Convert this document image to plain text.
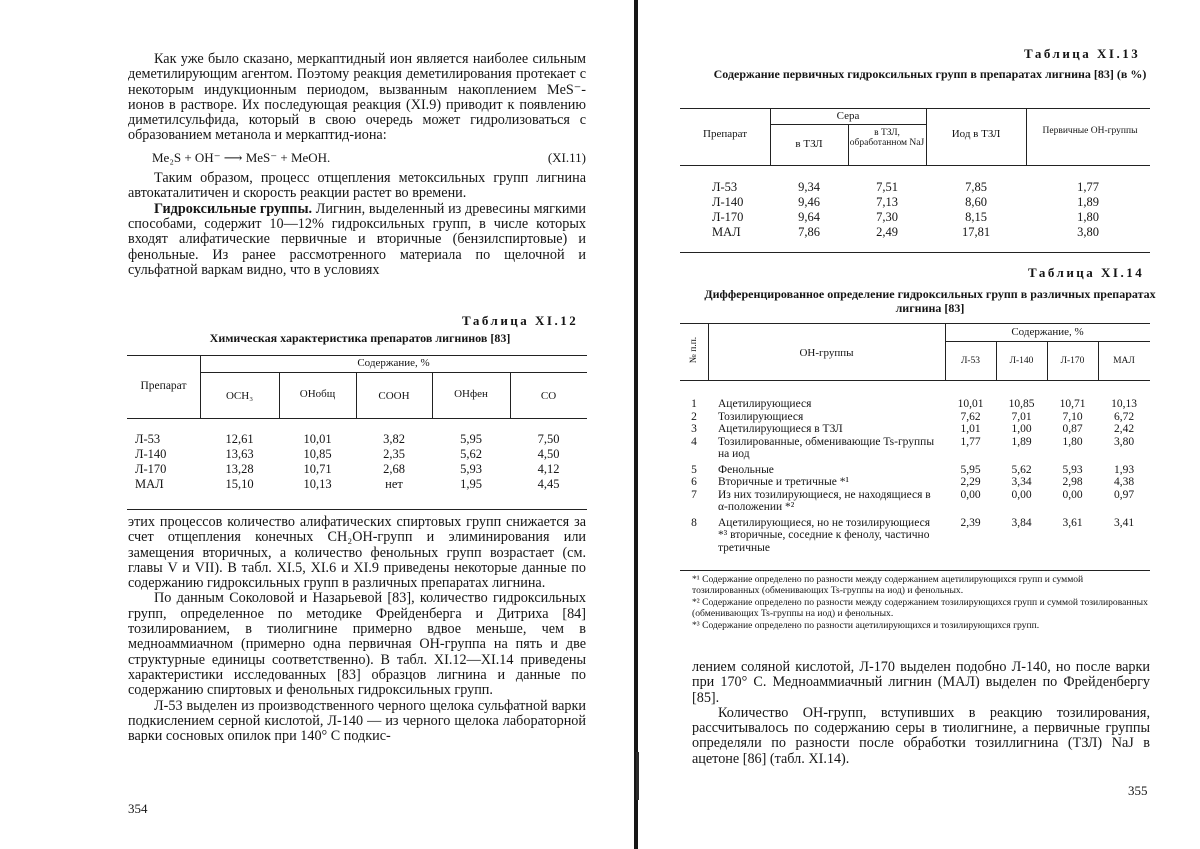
Как уже было сказано, меркаптидный ион является наиболее сильным деметилирующим агентом. Поэтому реакция деметилирования протекает с некоторым индукционным периодом, вызванным накоплением MeS⁻-ионов в растворе. Их последующая реакция (XI.9) приводит к появлению диметилсульфида, который в свою очередь может гидролизоваться с образованием метанола и меркаптид-иона:

Me₂S + OH⁻ ⟶ MeS⁻ + MeOH.	(XI.11)

Таким образом, процесс отщепления метоксильных групп лигнина автокаталитичен и скорость реакции растет во времени.

Гидроксильные группы. Лигнин, выделенный из древесины мягкими способами, содержит 10—12% гидроксильных групп, в числе которых входят алифатические первичные и вторичные (бензилспиртовые) и фенольные. Из ранее рассмотренного материала по щелочной и сульфатной варкам видно, что в условиях

Таблица XI.12
Химическая характеристика препаратов лигнинов [83]
Препарат
Содержание, %
OCH₃	OHобщ	COOH	OHфен	CO
Л-53	12,61	10,01	3,82	5,95	7,50
Л-140	13,63	10,85	2,35	5,62	4,50
Л-170	13,28	10,71	2,68	5,93	4,12
МАЛ	15,10	10,13	нет	1,95	4,45

этих процессов количество алифатических спиртовых групп снижается за счет отщепления конечных CH₂OH-групп и элиминирования или замещения вторичных, а количество фенольных групп возрастает (см. главы V и VII). В табл. XI.5, XI.6 и XI.9 приведены некоторые данные по содержанию гидроксильных групп в различных препаратах лигнина.

По данным Соколовой и Назарьевой [83], количество гидроксильных групп, определенное по методике Фрейденберга и Дитриха [84] тозилированием, в тиолигнине примерно вдвое меньше, чем в медноаммиачном (примерно одна первичная OH-группа на пять и две структурные единицы соответственно). В табл. XI.12—XI.14 приведены характеристики исследованных [83] образцов лигнина и данные по содержанию спиртовых и фенольных гидроксильных групп.

Л-53 выделен из производственного черного щелока сульфатной варки подкислением серной кислотой, Л-140 — из черного щелока лабораторной варки сосновых опилок при 140° С подкис-

354
Таблица XI.13
Содержание первичных гидроксильных групп в препаратах лигнина [83] (в %)
Препарат
Сера
в ТЗЛ
в ТЗЛ, обработанном NaJ
Иод в ТЗЛ	Первичные OH-группы
Л-53	9,34	7,51	7,85	1,77
Л-140	9,46	7,13	8,60	1,89
Л-170	9,64	7,30	8,15	1,80
МАЛ	7,86	2,49	17,81	3,80
Таблица XI.14
Дифференцированное определение гидроксильных групп в различных препаратах лигнина [83]
№ п.п.	OH-группы
Содержание, %
Л-53	Л-140	Л-170	МАЛ
1	Ацетилирующиеся	10,01	10,85	10,71	10,13
2	Тозилирующиеся	7,62	7,01	7,10	6,72
3	Ацетилирующиеся в ТЗЛ	1,01	1,00	0,87	2,42
4	Тозилированные, обменивающие Ts-группы на иод	1,77	1,89	1,80	3,80
5	Фенольные	5,95	5,62	5,93	1,93
6	Вторичные и третичные *¹	2,29	3,34	2,98	4,38
7	Из них тозилирующиеся, не находящиеся в α-положении *²	0,00	0,00	0,00	0,97
8	Ацетилирующиеся, но не тозилирующиеся *³ вторичные, соседние к фенолу, частично третичные	2,39	3,84	3,61	3,41
*¹ Содержание определено по разности между содержанием ацетилирующихся групп и суммой тозилированных (обменивающих Ts-группы на иод) и фенольных.
*² Содержание определено по разности между содержанием тозилирующихся групп и суммой тозилированных (обменивающих Ts-группы на иод) и фенольных.
*³ Содержание определено по разности ацетилирующихся и тозилирующихся групп.

лением соляной кислотой, Л-170 выделен подобно Л-140, но после варки при 170° С. Медноаммиачный лигнин (МАЛ) выделен по Фрейденбергу [85].

Количество OH-групп, вступивших в реакцию тозилирования, рассчитывалось по содержанию серы в тиолигнине, а первичные группы определяли по разности после обработки тозиллигнина (ТЗЛ) NaJ в ацетоне [86] (табл. XI.14).

355
